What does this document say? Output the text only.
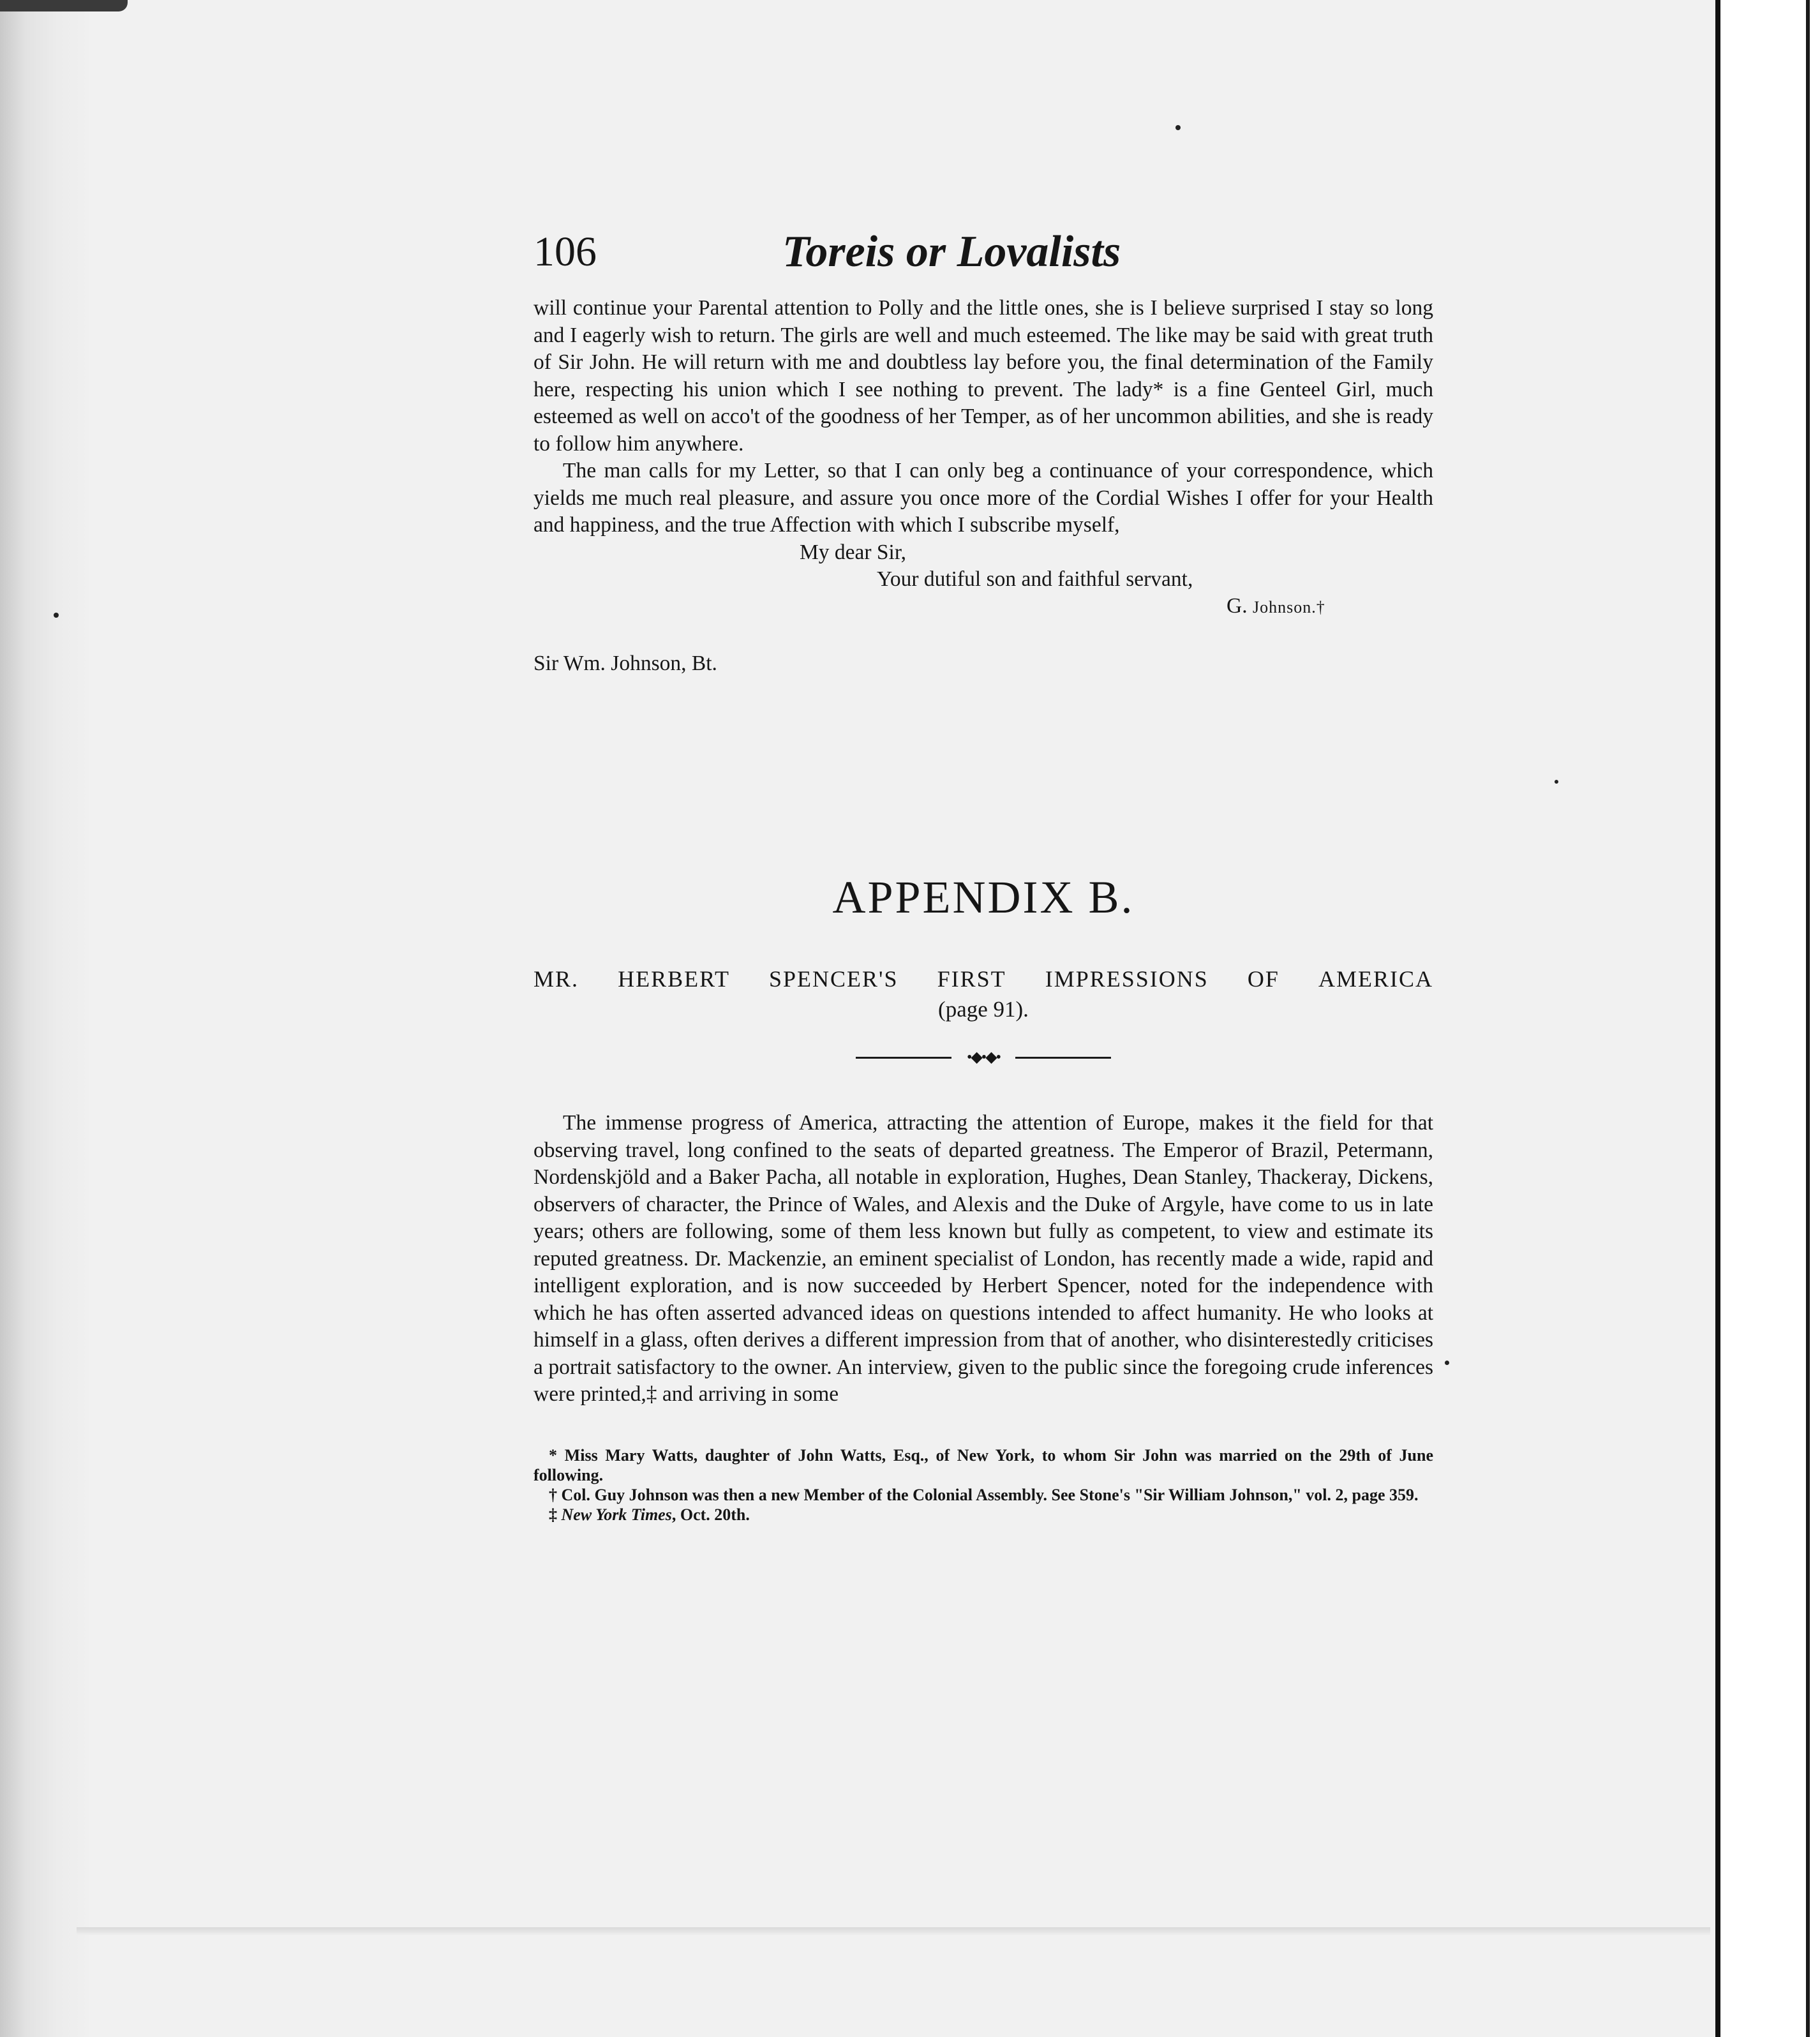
106	Toreis or Lovalists

will continue your Parental attention to Polly and the little ones, she is I believe surprised I stay so long and I eagerly wish to return. The girls are well and much esteemed. The like may be said with great truth of Sir John. He will return with me and doubtless lay before you, the final determination of the Family here, respecting his union which I see nothing to prevent. The lady* is a fine Genteel Girl, much esteemed as well on acco't of the goodness of her Temper, as of her uncommon abilities, and she is ready to follow him anywhere.

The man calls for my Letter, so that I can only beg a continuance of your correspondence, which yields me much real pleasure, and assure you once more of the Cordial Wishes I offer for your Health and happiness, and the true Affection with which I subscribe myself,

My dear Sir,
Your dutiful son and faithful servant,
G. Johnson.†
Sir Wm. Johnson, Bt.
APPENDIX B.
MR. HERBERT SPENCER'S FIRST IMPRESSIONS OF AMERICA
(page 91).
•◆•◆•

The immense progress of America, attracting the attention of Europe, makes it the field for that observing travel, long confined to the seats of departed greatness. The Emperor of Brazil, Petermann, Nordenskjöld and a Baker Pacha, all notable in exploration, Hughes, Dean Stanley, Thackeray, Dickens, observers of character, the Prince of Wales, and Alexis and the Duke of Argyle, have come to us in late years; others are following, some of them less known but fully as competent, to view and estimate its reputed greatness. Dr. Mackenzie, an eminent specialist of London, has recently made a wide, rapid and intelligent exploration, and is now succeeded by Herbert Spencer, noted for the independence with which he has often asserted advanced ideas on questions intended to affect humanity. He who looks at himself in a glass, often derives a different impression from that of another, who disinterestedly criticises a portrait satisfactory to the owner. An interview, given to the public since the foregoing crude inferences were printed,‡ and arriving in some

* Miss Mary Watts, daughter of John Watts, Esq., of New York, to whom Sir John was married on the 29th of June following.

† Col. Guy Johnson was then a new Member of the Colonial Assembly. See Stone's "Sir William Johnson," vol. 2, page 359.

‡ New York Times, Oct. 20th.
